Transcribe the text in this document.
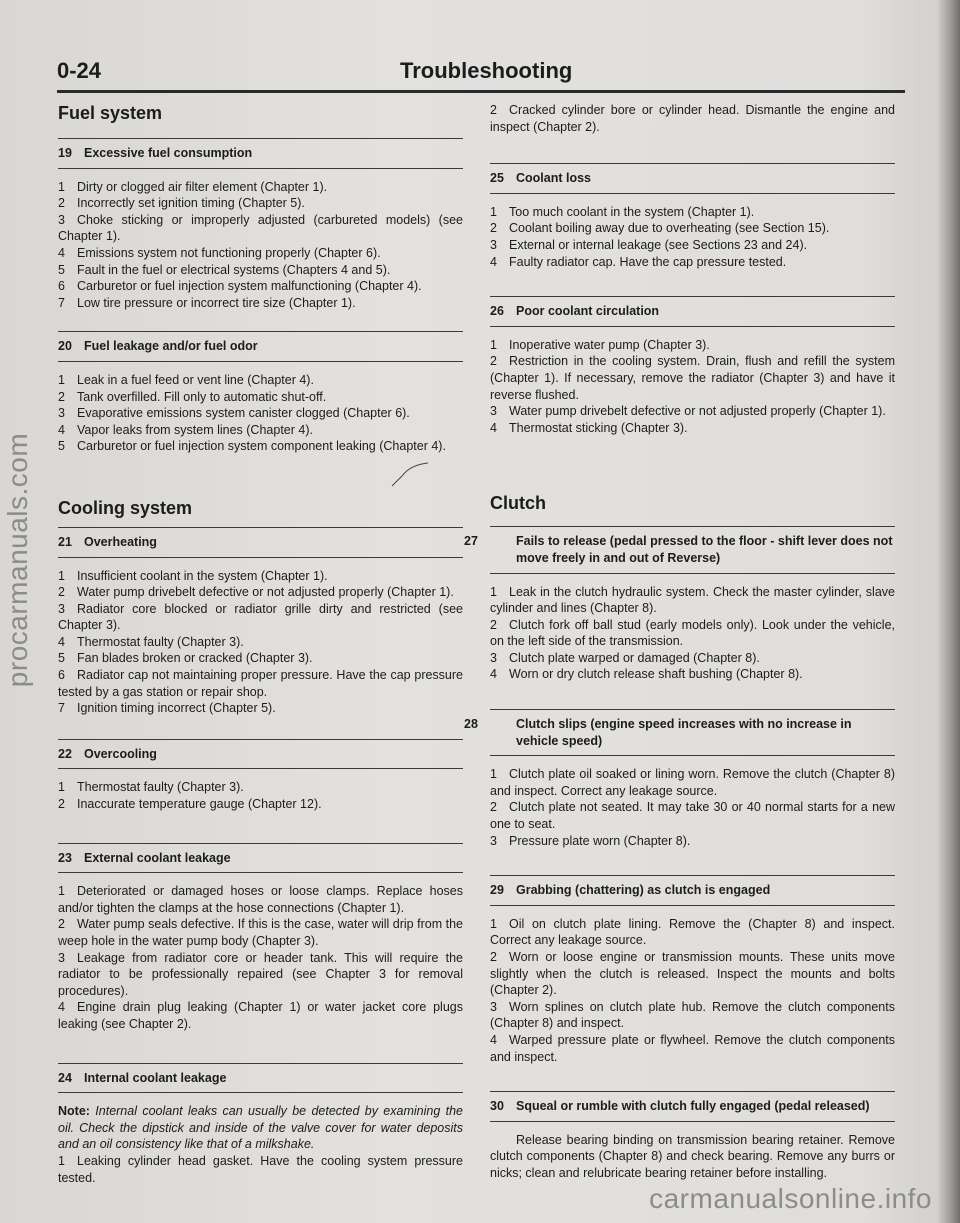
procarmanuals.com
carmanualsonline.info
0-24	Troubleshooting
Fuel system
19 Excessive fuel consumption
1 Dirty or clogged air filter element (Chapter 1).
2 Incorrectly set ignition timing (Chapter 5).
3 Choke sticking or improperly adjusted (carbureted models) (see Chapter 1).
4 Emissions system not functioning properly (Chapter 6).
5 Fault in the fuel or electrical systems (Chapters 4 and 5).
6 Carburetor or fuel injection system malfunctioning (Chapter 4).
7 Low tire pressure or incorrect tire size (Chapter 1).
20 Fuel leakage and/or fuel odor
1 Leak in a fuel feed or vent line (Chapter 4).
2 Tank overfilled. Fill only to automatic shut-off.
3 Evaporative emissions system canister clogged (Chapter 6).
4 Vapor leaks from system lines (Chapter 4).
5 Carburetor or fuel injection system component leaking (Chapter 4).
Cooling system
21 Overheating
1 Insufficient coolant in the system (Chapter 1).
2 Water pump drivebelt defective or not adjusted properly (Chapter 1).
3 Radiator core blocked or radiator grille dirty and restricted (see Chapter 3).
4 Thermostat faulty (Chapter 3).
5 Fan blades broken or cracked (Chapter 3).
6 Radiator cap not maintaining proper pressure. Have the cap pressure tested by a gas station or repair shop.
7 Ignition timing incorrect (Chapter 5).
22 Overcooling
1 Thermostat faulty (Chapter 3).
2 Inaccurate temperature gauge (Chapter 12).
23 External coolant leakage
1 Deteriorated or damaged hoses or loose clamps. Replace hoses and/or tighten the clamps at the hose connections (Chapter 1).
2 Water pump seals defective. If this is the case, water will drip from the weep hole in the water pump body (Chapter 3).
3 Leakage from radiator core or header tank. This will require the radiator to be professionally repaired (see Chapter 3 for removal procedures).
4 Engine drain plug leaking (Chapter 1) or water jacket core plugs leaking (see Chapter 2).
24 Internal coolant leakage

Note: Internal coolant leaks can usually be detected by examining the oil. Check the dipstick and inside of the valve cover for water deposits and an oil consistency like that of a milkshake.

1 Leaking cylinder head gasket. Have the cooling system pressure tested.
2 Cracked cylinder bore or cylinder head. Dismantle the engine and inspect (Chapter 2).
25 Coolant loss
1 Too much coolant in the system (Chapter 1).
2 Coolant boiling away due to overheating (see Section 15).
3 External or internal leakage (see Sections 23 and 24).
4 Faulty radiator cap. Have the cap pressure tested.
26 Poor coolant circulation
1 Inoperative water pump (Chapter 3).
2 Restriction in the cooling system. Drain, flush and refill the system (Chapter 1). If necessary, remove the radiator (Chapter 3) and have it reverse flushed.
3 Water pump drivebelt defective or not adjusted properly (Chapter 1).
4 Thermostat sticking (Chapter 3).
Clutch
27	Fails to release (pedal pressed to the floor - shift lever does not move freely in and out of Reverse)
1 Leak in the clutch hydraulic system. Check the master cylinder, slave cylinder and lines (Chapter 8).
2 Clutch fork off ball stud (early models only). Look under the vehicle, on the left side of the transmission.
3 Clutch plate warped or damaged (Chapter 8).
4 Worn or dry clutch release shaft bushing (Chapter 8).
28	Clutch slips (engine speed increases with no increase in vehicle speed)
1 Clutch plate oil soaked or lining worn. Remove the clutch (Chapter 8) and inspect. Correct any leakage source.
2 Clutch plate not seated. It may take 30 or 40 normal starts for a new one to seat.
3 Pressure plate worn (Chapter 8).
29 Grabbing (chattering) as clutch is engaged
1 Oil on clutch plate lining. Remove the (Chapter 8) and inspect. Correct any leakage source.
2 Worn or loose engine or transmission mounts. These units move slightly when the clutch is released. Inspect the mounts and bolts (Chapter 2).
3 Worn splines on clutch plate hub. Remove the clutch components (Chapter 8) and inspect.
4 Warped pressure plate or flywheel. Remove the clutch components and inspect.
30 Squeal or rumble with clutch fully engaged (pedal released)

Release bearing binding on transmission bearing retainer. Remove clutch components (Chapter 8) and check bearing. Remove any burrs or nicks; clean and relubricate bearing retainer before installing.
